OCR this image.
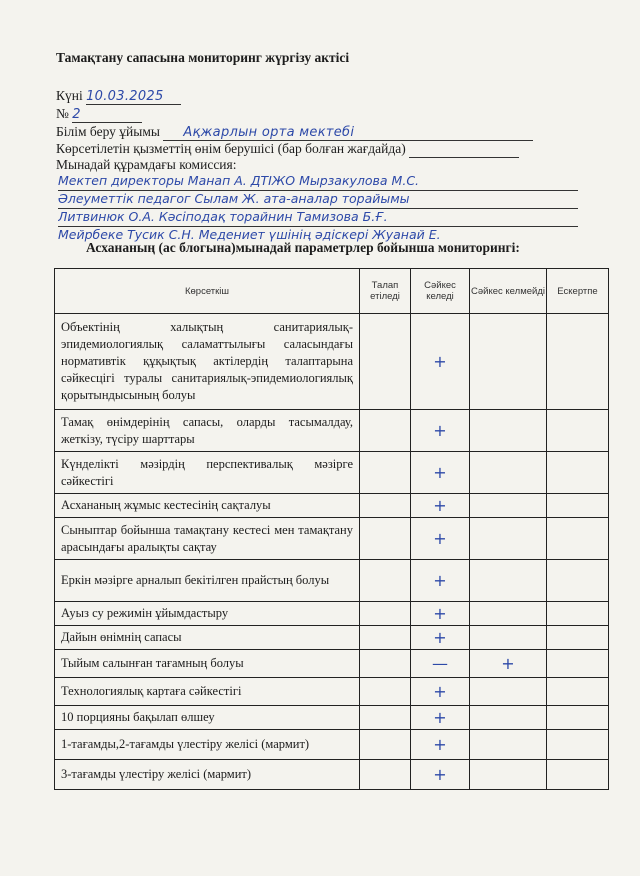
Тамақтану сапасына мониторинг жүргізу актісі
Күні 10.03.2025
№ 2
Білім беру ұйымы Ақжарлын орта мектебі
Көрсетілетін қызметтің өнім берушісі (бар болған жағдайда)
Мынадай құрамдағы комиссия:
Мектеп директоры Манап А. ДТІЖО Мырзакулова М.С.
Әлеуметтік педагог Сылам Ж. ата-аналар торайымы
Литвинюк О.А. Кәсіподақ торайнин Тамизова Б.Ғ.
Мейрбеке Тусик С.Н. Медениет үшінің әдіскері Жуанай Е.
Асхананың (ас блогына)мынадай параметрлер бойынша мониторингі:
Көрсеткіш	Талап етіледі	Сәйкес келеді	Сәйкес келмейді	Ескертпе
Объектінің халықтың санитариялық-эпидемиологиялық саламаттылығы саласындағы нормативтік құқықтық актілердің талаптарына сәйкесцігі туралы санитариялық-эпидемиологиялық қорытындысының болуы		+		
Тамақ өнімдерінің сапасы, оларды тасымалдау, жеткізу, түсіру шарттары		+		
Күнделікті мәзірдің перспективалық мәзірге сәйкестігі		+		
Асхананың жұмыс кестесінің сақталуы		+		
Сыныптар бойынша тамақтану кестесі мен тамақтану арасындағы аралықты сақтау		+		
Еркін мәзірге арналып бекітілген прайстың болуы		+		
Ауыз су режимін ұйымдастыру		+		
Дайын өнімнің сапасы		+		
Тыйым салынған тағамның болуы		—	+	
Технологиялық картаға сәйкестігі		+		
10 порцияны бақылап өлшеу		+		
1-тағамды,2-тағамды үлестіру желісі (мармит)		+		
3-тағамды үлестіру желісі (мармит)		+		
